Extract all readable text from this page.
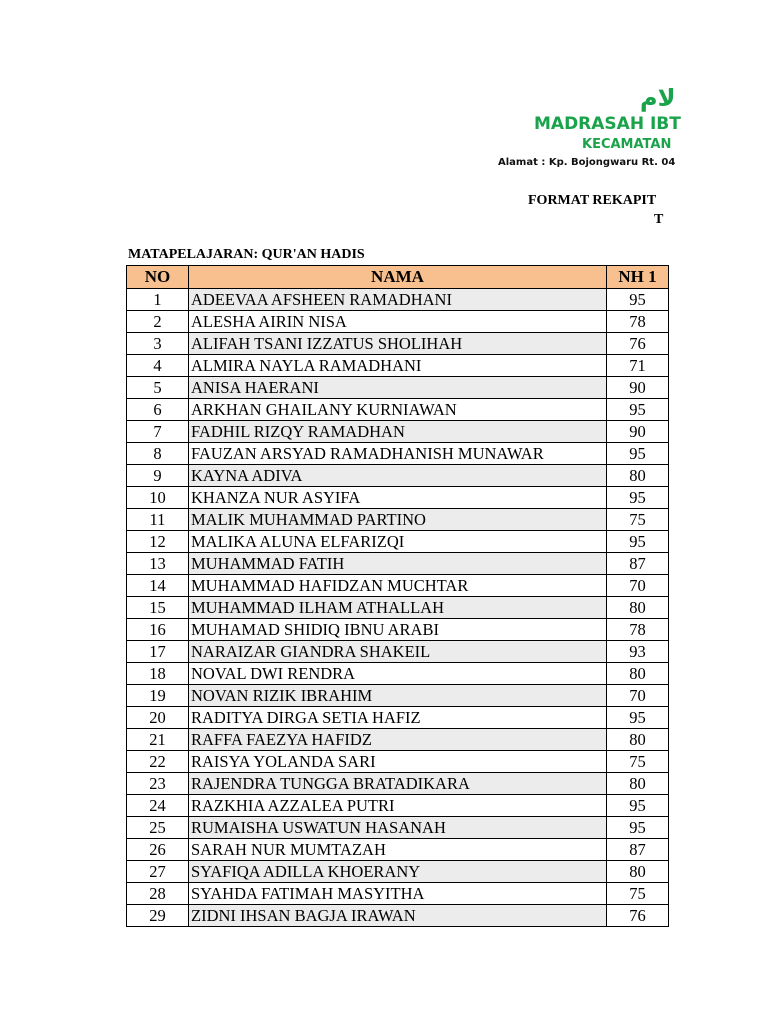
لام
MADRASAH IBT
KECAMATAN
Alamat : Kp. Bojongwaru Rt. 04
FORMAT REKAPIT
T
MATAPELAJARAN: QUR'AN HADIS
NO	NAMA	NH 1
1	ADEEVAA AFSHEEN RAMADHANI	95
2	ALESHA AIRIN NISA	78
3	ALIFAH TSANI IZZATUS SHOLIHAH	76
4	ALMIRA NAYLA RAMADHANI	71
5	ANISA HAERANI	90
6	ARKHAN GHAILANY KURNIAWAN	95
7	FADHIL RIZQY RAMADHAN	90
8	FAUZAN ARSYAD RAMADHANISH MUNAWAR	95
9	KAYNA ADIVA	80
10	KHANZA NUR ASYIFA	95
11	MALIK MUHAMMAD PARTINO	75
12	MALIKA ALUNA ELFARIZQI	95
13	MUHAMMAD FATIH	87
14	MUHAMMAD HAFIDZAN MUCHTAR	70
15	MUHAMMAD ILHAM ATHALLAH	80
16	MUHAMAD SHIDIQ IBNU ARABI	78
17	NARAIZAR GIANDRA SHAKEIL	93
18	NOVAL DWI RENDRA	80
19	NOVAN RIZIK IBRAHIM	70
20	RADITYA DIRGA SETIA HAFIZ	95
21	RAFFA FAEZYA HAFIDZ	80
22	RAISYA YOLANDA SARI	75
23	RAJENDRA TUNGGA BRATADIKARA	80
24	RAZKHIA AZZALEA PUTRI	95
25	RUMAISHA USWATUN HASANAH	95
26	SARAH NUR MUMTAZAH	87
27	SYAFIQA ADILLA KHOERANY	80
28	SYAHDA FATIMAH MASYITHA	75
29	ZIDNI IHSAN BAGJA IRAWAN	76
